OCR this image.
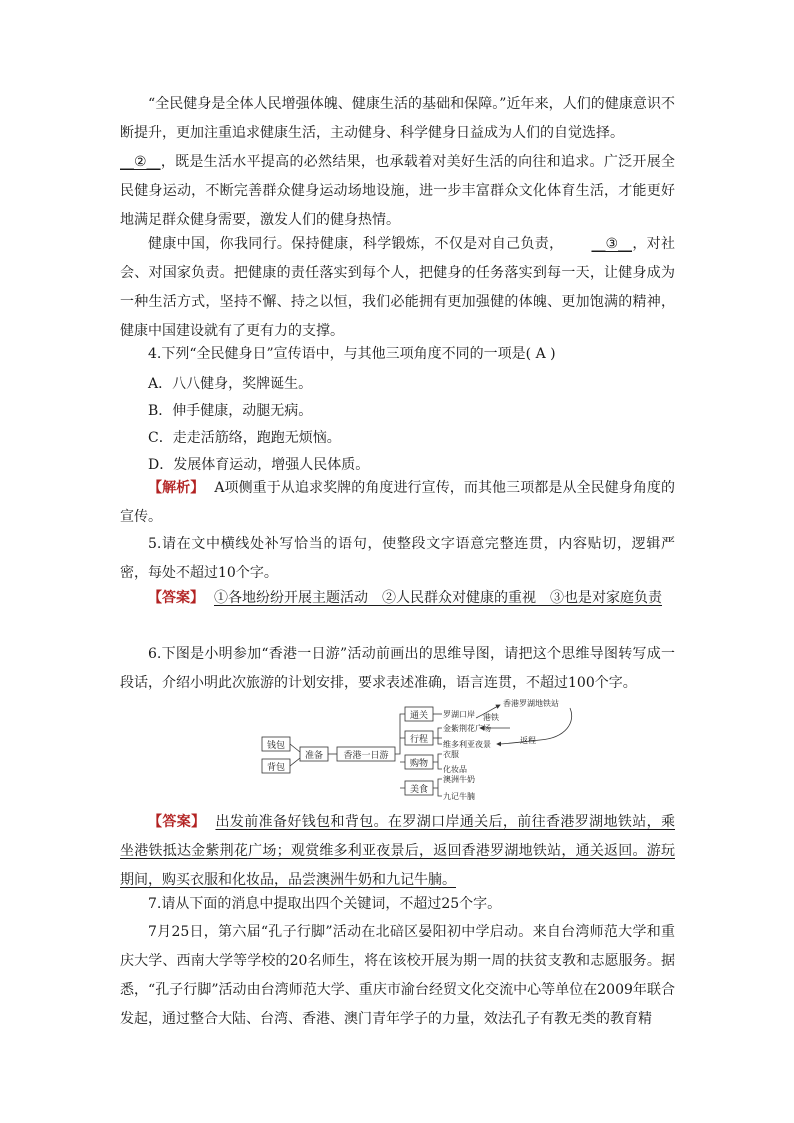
“全民健身是全体人民增强体魄、健康生活的基础和保障。”近年来，人们的健康意识不断提升，更加注重追求健康生活，主动健身、科学健身日益成为人们的自觉选择。

__②__，既是生活水平提高的必然结果，也承载着对美好生活的向往和追求。广泛开展全民健身运动，不断完善群众健身运动场地设施，进一步丰富群众文化体育生活，才能更好地满足群众健身需要，激发人们的健身热情。

健康中国，你我同行。保持健康，科学锻炼，不仅是对自己负责， __③__，对社会、对国家负责。把健康的责任落实到每个人，把健身的任务落实到每一天，让健身成为一种生活方式，坚持不懈、持之以恒，我们必能拥有更加强健的体魄、更加饱满的精神，健康中国建设就有了更有力的支撑。

4.下列“全民健身日”宣传语中，与其他三项角度不同的一项是( A )

A．八八健身，奖牌诞生。

B．伸手健康，动腿无病。

C．走走活筋络，跑跑无烦恼。

D．发展体育运动，增强人民体质。

【解析】 A项侧重于从追求奖牌的角度进行宣传，而其他三项都是从全民健身角度的宣传。

5.请在文中横线处补写恰当的语句，使整段文字语意完整连贯，内容贴切，逻辑严密，每处不超过10个字。

【答案】 ①各地纷纷开展主题活动　②人民群众对健康的重视　③也是对家庭负责

6.下图是小明参加“香港一日游”活动前画出的思维导图，请把这个思维导图转写成一段话，介绍小明此次旅游的计划安排，要求表述准确，语言连贯，不超过100个字。

钱包
背包
准备 香港一日游
通关
行程
购物
美食
罗湖口岸
金紫荆花广场
维多利亚夜景
衣服
化妆品
澳洲牛奶
九记牛腩
香港罗湖地铁站
港铁
返程

【答案】 出发前准备好钱包和背包。在罗湖口岸通关后，前往香港罗湖地铁站，乘坐港铁抵达金紫荆花广场；观赏维多利亚夜景后，返回香港罗湖地铁站，通关返回。游玩期间，购买衣服和化妆品，品尝澳洲牛奶和九记牛腩。

7.请从下面的消息中提取出四个关键词，不超过25个字。

7月25日，第六届“孔子行脚”活动在北碚区晏阳初中学启动。来自台湾师范大学和重庆大学、西南大学等学校的20名师生，将在该校开展为期一周的扶贫支教和志愿服务。据悉，“孔子行脚”活动由台湾师范大学、重庆市渝台经贸文化交流中心等单位在2009年联合发起，通过整合大陆、台湾、香港、澳门青年学子的力量，效法孔子有教无类的教育精
